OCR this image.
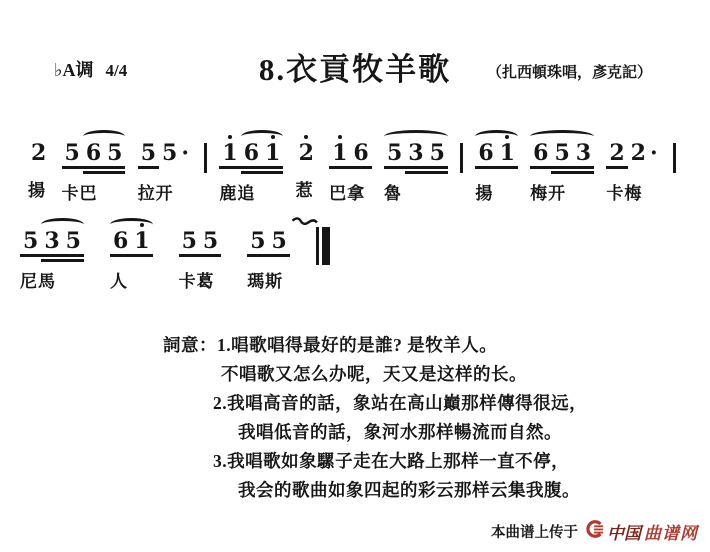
♭A调 4/4	8.衣貢牧羊歌 （扎西頓珠唱，彥克記）
2
揚
5 6 5
卡巴
5 5 ·
拉开
1 6 1
鹿追
2
惹
1 6
巴拿
5 3 5
魯
6 1
揚
6 5 3
梅开
2 2 ·
卡梅
5 3 5
尼馬
6 1
人
5 5
卡葛
5 5
瑪斯
詞意：1.唱歌唱得最好的是誰? 是牧羊人。
不唱歌又怎么办呢，天又是这样的长。
2.我唱高音的話，象站在高山巔那样傳得很远，
我唱低音的話，象河水那样暢流而自然。
3.我唱歌如象騾子走在大路上那样一直不停，
我会的歌曲如象四起的彩云那样云集我腹。
本曲谱上传于 中国 曲谱网
